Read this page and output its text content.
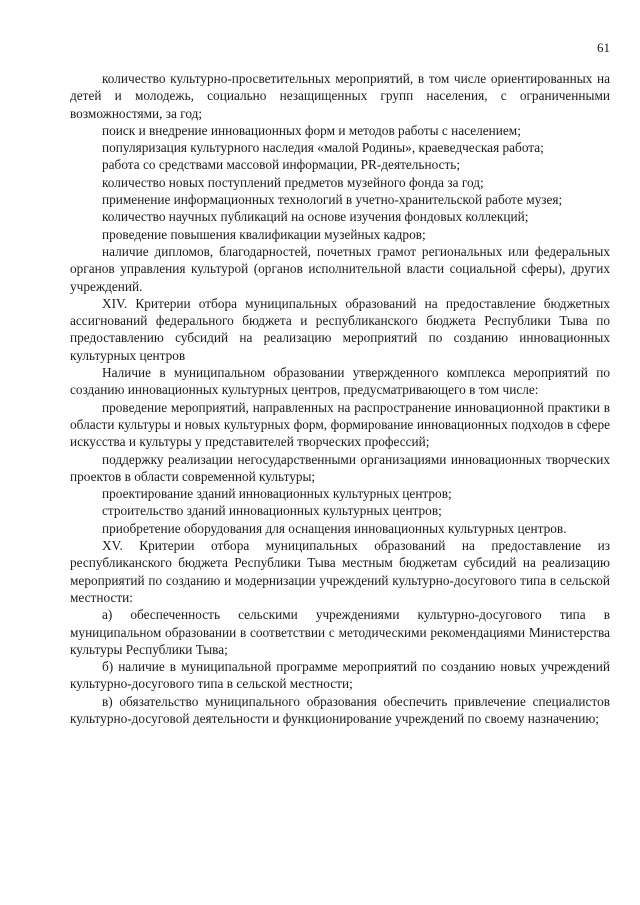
61

количество культурно-просветительных мероприятий, в том числе ориентированных на детей и молодежь, социально незащищенных групп населения, с ограниченными возможностями, за год;

поиск и внедрение инновационных форм и методов работы с населением;

популяризация культурного наследия «малой Родины», краеведческая работа;

работа со средствами массовой информации, PR-деятельность;

количество новых поступлений предметов музейного фонда за год;

применение информационных технологий в учетно-хранительской работе музея;

количество научных публикаций на основе изучения фондовых коллекций;

проведение повышения квалификации музейных кадров;

наличие дипломов, благодарностей, почетных грамот региональных или федеральных органов управления культурой (органов исполнительной власти социальной сферы), других учреждений.

XIV. Критерии отбора муниципальных образований на предоставление бюджетных ассигнований федерального бюджета и республиканского бюджета Республики Тыва по предоставлению субсидий на реализацию мероприятий по созданию инновационных культурных центров

Наличие в муниципальном образовании утвержденного комплекса мероприятий по созданию инновационных культурных центров, предусматривающего в том числе:

проведение мероприятий, направленных на распространение инновационной практики в области культуры и новых культурных форм, формирование инновационных подходов в сфере искусства и культуры у представителей творческих профессий;

поддержку реализации негосударственными организациями инновационных творческих проектов в области современной культуры;

проектирование зданий инновационных культурных центров;

строительство зданий инновационных культурных центров;

приобретение оборудования для оснащения инновационных культурных центров.

XV. Критерии отбора муниципальных образований на предоставление из республиканского бюджета Республики Тыва местным бюджетам субсидий на реализацию мероприятий по созданию и модернизации учреждений культурно-досугового типа в сельской местности:

а) обеспеченность сельскими учреждениями культурно-досугового типа в муниципальном образовании в соответствии с методическими рекомендациями Министерства культуры Республики Тыва;

б) наличие в муниципальной программе мероприятий по созданию новых учреждений культурно-досугового типа в сельской местности;

в) обязательство муниципального образования обеспечить привлечение специалистов культурно-досуговой деятельности и функционирование учреждений по своему назначению;
